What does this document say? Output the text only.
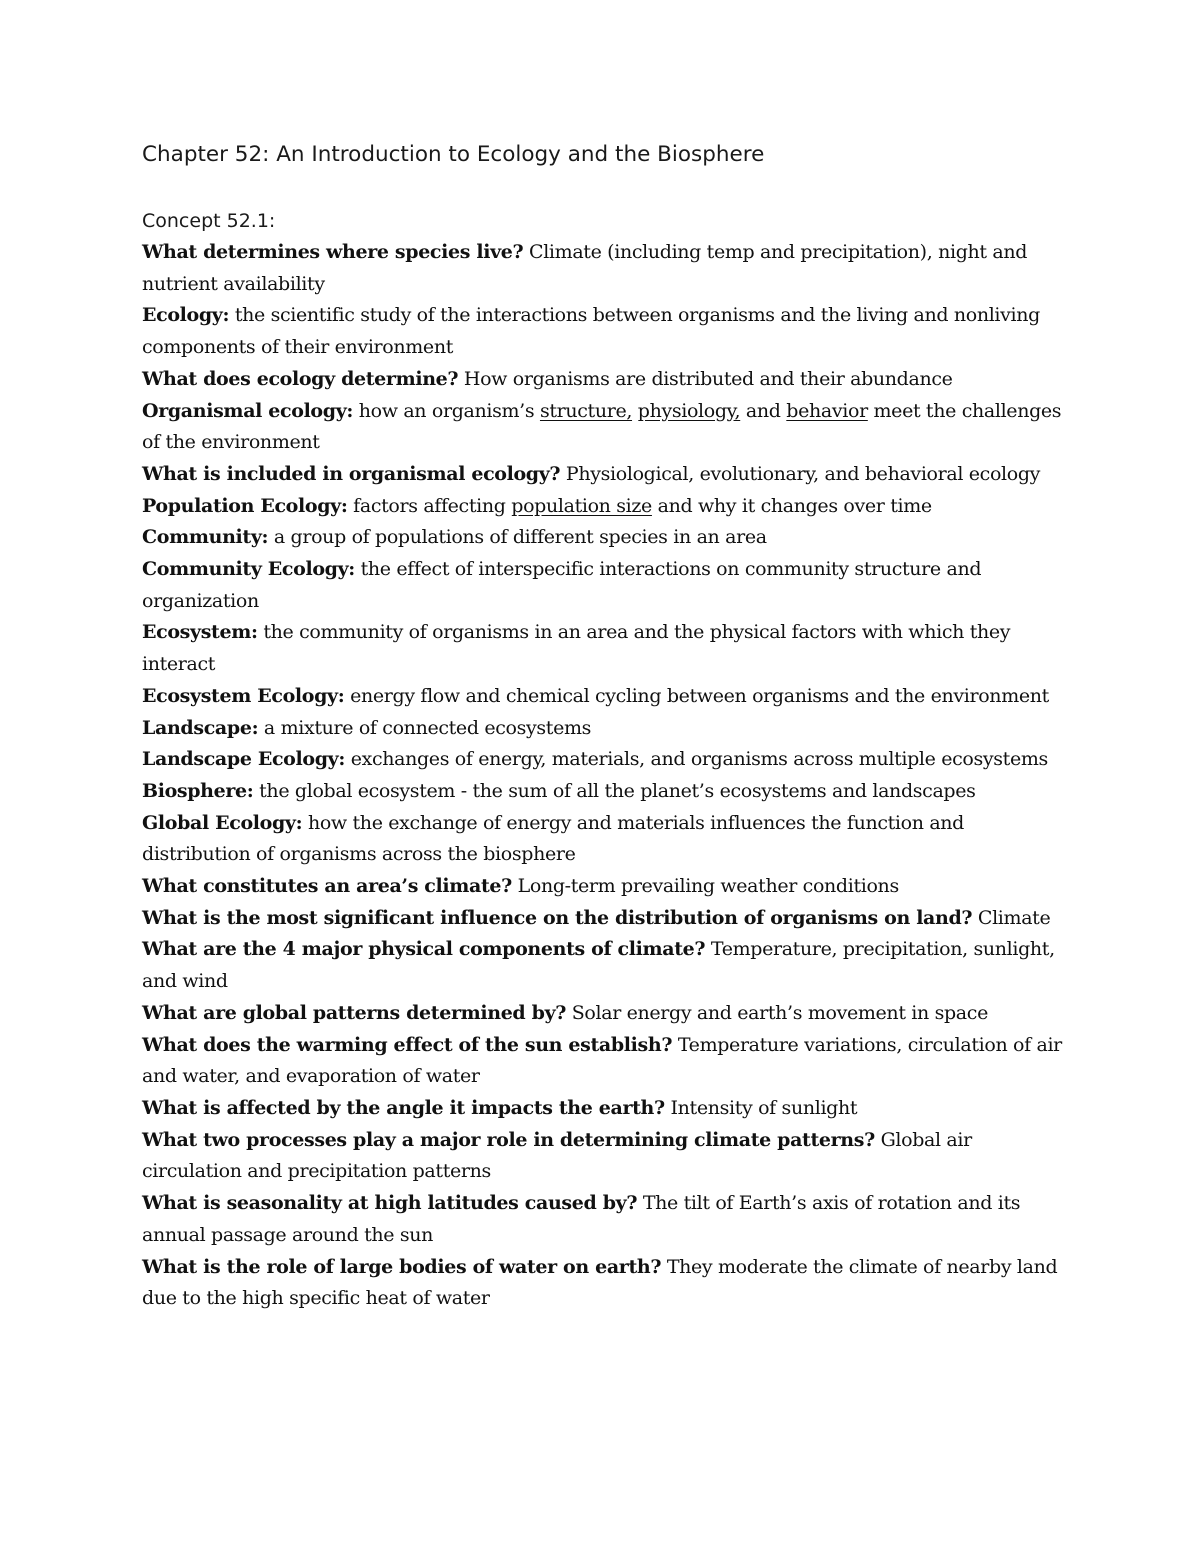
Chapter 52: An Introduction to Ecology and the Biosphere
Concept 52.1:
What determines where species live? Climate (including temp and precipitation), night and nutrient availability
Ecology: the scientific study of the interactions between organisms and the living and nonliving components of their environment
What does ecology determine? How organisms are distributed and their abundance
Organismal ecology: how an organism’s structure, physiology, and behavior meet the challenges of the environment
What is included in organismal ecology? Physiological, evolutionary, and behavioral ecology
Population Ecology: factors affecting population size and why it changes over time
Community: a group of populations of different species in an area
Community Ecology: the effect of interspecific interactions on community structure and organization
Ecosystem: the community of organisms in an area and the physical factors with which they interact
Ecosystem Ecology: energy flow and chemical cycling between organisms and the environment
Landscape: a mixture of connected ecosystems
Landscape Ecology: exchanges of energy, materials, and organisms across multiple ecosystems
Biosphere: the global ecosystem - the sum of all the planet’s ecosystems and landscapes
Global Ecology: how the exchange of energy and materials influences the function and distribution of organisms across the biosphere
What constitutes an area’s climate? Long-term prevailing weather conditions
What is the most significant influence on the distribution of organisms on land? Climate
What are the 4 major physical components of climate? Temperature, precipitation, sunlight, and wind
What are global patterns determined by? Solar energy and earth’s movement in space
What does the warming effect of the sun establish? Temperature variations, circulation of air and water, and evaporation of water
What is affected by the angle it impacts the earth? Intensity of sunlight
What two processes play a major role in determining climate patterns? Global air circulation and precipitation patterns
What is seasonality at high latitudes caused by? The tilt of Earth’s axis of rotation and its annual passage around the sun
What is the role of large bodies of water on earth? They moderate the climate of nearby land due to the high specific heat of water
